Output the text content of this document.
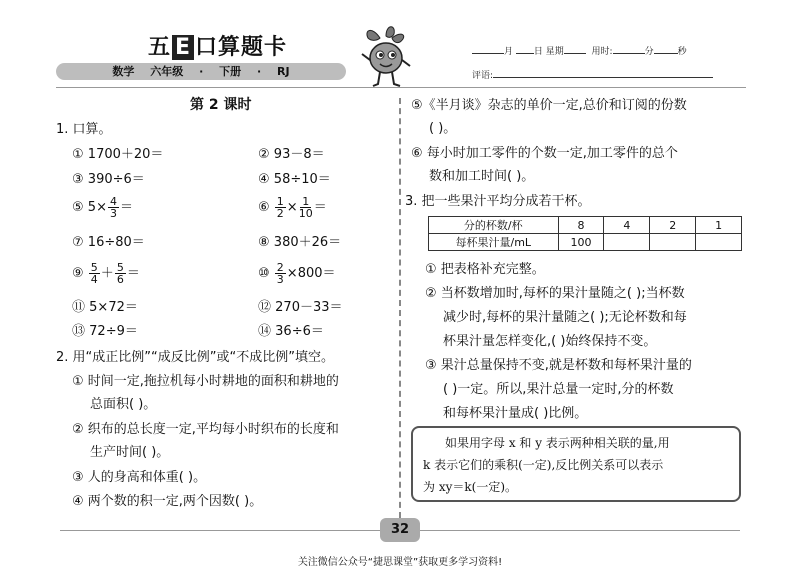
五 E 口算题卡
数学 六年级 · 下册 · RJ
月 日 星期	用时:	分	秒
评语:
第 2 课时
1. 口算。
① 1700＋20＝	② 93－8＝
③ 390÷6＝	④ 58÷10＝
⑤ $5\times \frac{4}{3}$ ＝	⑥ $\frac{1}{2} \times \frac{1}{10}$ ＝
⑦ 16÷80＝	⑧ 380＋26＝
⑨ $\frac{5}{4} + \frac{5}{6}$ ＝	⑩ $\frac{2}{3} \times 800=$
⑪ 5×72＝	⑫ 270－33＝
⑬ 72÷9＝	⑭ 36÷6＝
2. 用“成正比例”“成反比例”或“不成比例”填空。
① 时间一定,拖拉机每小时耕地的面积和耕地的
总面积( )。
② 织布的总长度一定,平均每小时织布的长度和
生产时间( )。
③ 人的身高和体重( )。
④ 两个数的积一定,两个因数( )。
⑤《半月谈》杂志的单价一定,总价和订阅的份数
( )。
⑥ 每小时加工零件的个数一定,加工零件的总个
数和加工时间( )。
3. 把一些果汁平均分成若干杯。
分的杯数/杯	8	4	2	1
每杯果汁量/mL	100			
① 把表格补充完整。
② 当杯数增加时,每杯的果汁量随之( );当杯数
减少时,每杯的果汁量随之( );无论杯数和每
杯果汁量怎样变化,( )始终保持不变。
③ 果汁总量保持不变,就是杯数和每杯果汁量的
( )一定。所以,果汁总量一定时,分的杯数
和每杯果汁量成( )比例。
如果用字母 x 和 y 表示两种相关联的量,用
k 表示它们的乘积(一定),反比例关系可以表示
为 xy＝k(一定)。
32
关注微信公众号“捷思课堂”获取更多学习资料!
